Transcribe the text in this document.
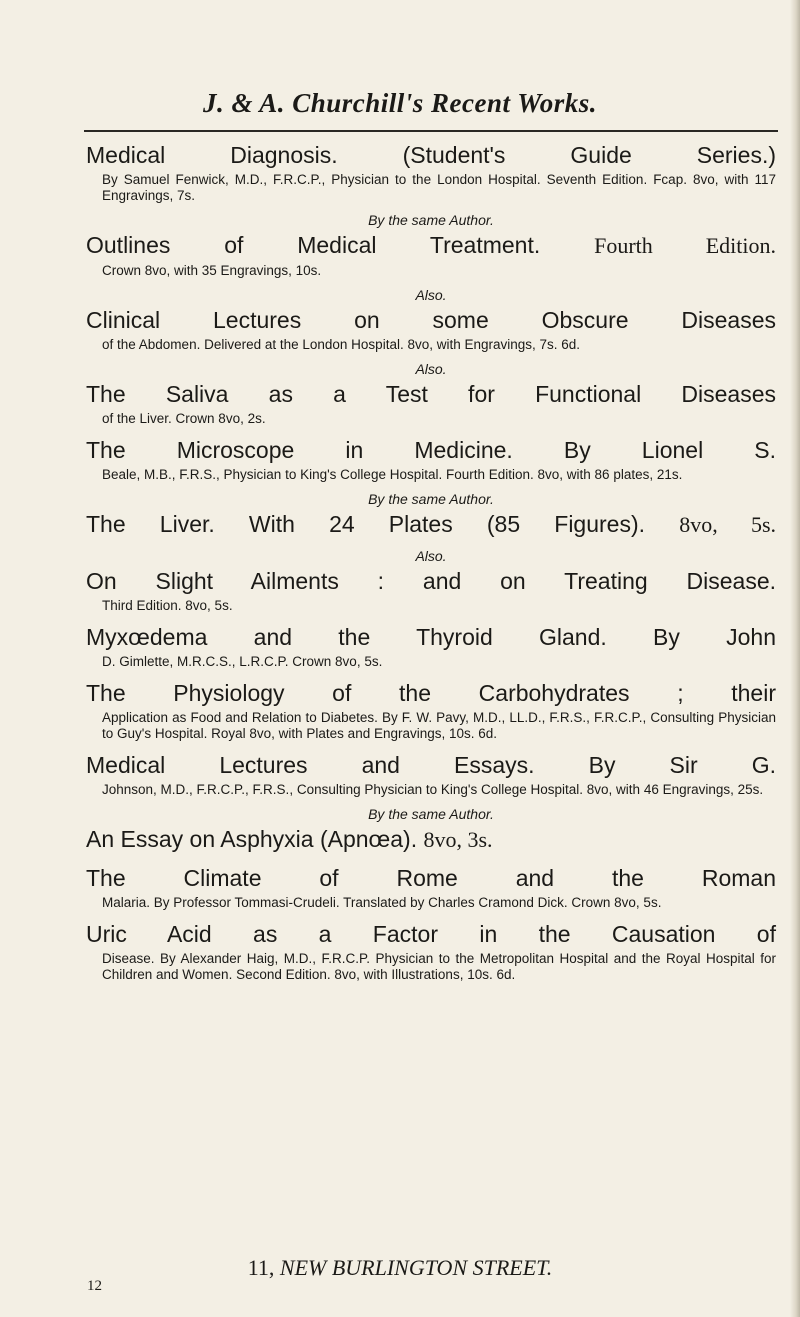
J. & A. Churchill's Recent Works.
Medical Diagnosis. (Student's Guide Series.)
By Samuel Fenwick, M.D., F.R.C.P., Physician to the London Hospital. Seventh Edition. Fcap. 8vo, with 117 Engravings, 7s.
By the same Author.
Outlines of Medical Treatment. Fourth Edition.
Crown 8vo, with 35 Engravings, 10s.
Also.
Clinical Lectures on some Obscure Diseases
of the Abdomen. Delivered at the London Hospital. 8vo, with Engravings, 7s. 6d.
Also.
The Saliva as a Test for Functional Diseases
of the Liver. Crown 8vo, 2s.
The Microscope in Medicine. By Lionel S.
Beale, M.B., F.R.S., Physician to King's College Hospital. Fourth Edition. 8vo, with 86 plates, 21s.
By the same Author.
The Liver. With 24 Plates (85 Figures). 8vo, 5s.
Also.
On Slight Ailments : and on Treating Disease.
Third Edition. 8vo, 5s.
Myxœdema and the Thyroid Gland. By John
D. Gimlette, M.R.C.S., L.R.C.P. Crown 8vo, 5s.
The Physiology of the Carbohydrates ; their
Application as Food and Relation to Diabetes. By F. W. Pavy, M.D., LL.D., F.R.S., F.R.C.P., Consulting Physician to Guy's Hospital. Royal 8vo, with Plates and Engravings, 10s. 6d.
Medical Lectures and Essays. By Sir G.
Johnson, M.D., F.R.C.P., F.R.S., Consulting Physician to King's College Hospital. 8vo, with 46 Engravings, 25s.
By the same Author.
An Essay on Asphyxia (Apnœa). 8vo, 3s.
The Climate of Rome and the Roman
Malaria. By Professor Tommasi-Crudeli. Translated by Charles Cramond Dick. Crown 8vo, 5s.
Uric Acid as a Factor in the Causation of
Disease. By Alexander Haig, M.D., F.R.C.P. Physician to the Metropolitan Hospital and the Royal Hospital for Children and Women. Second Edition. 8vo, with Illustrations, 10s. 6d.
11, NEW BURLINGTON STREET.
12
